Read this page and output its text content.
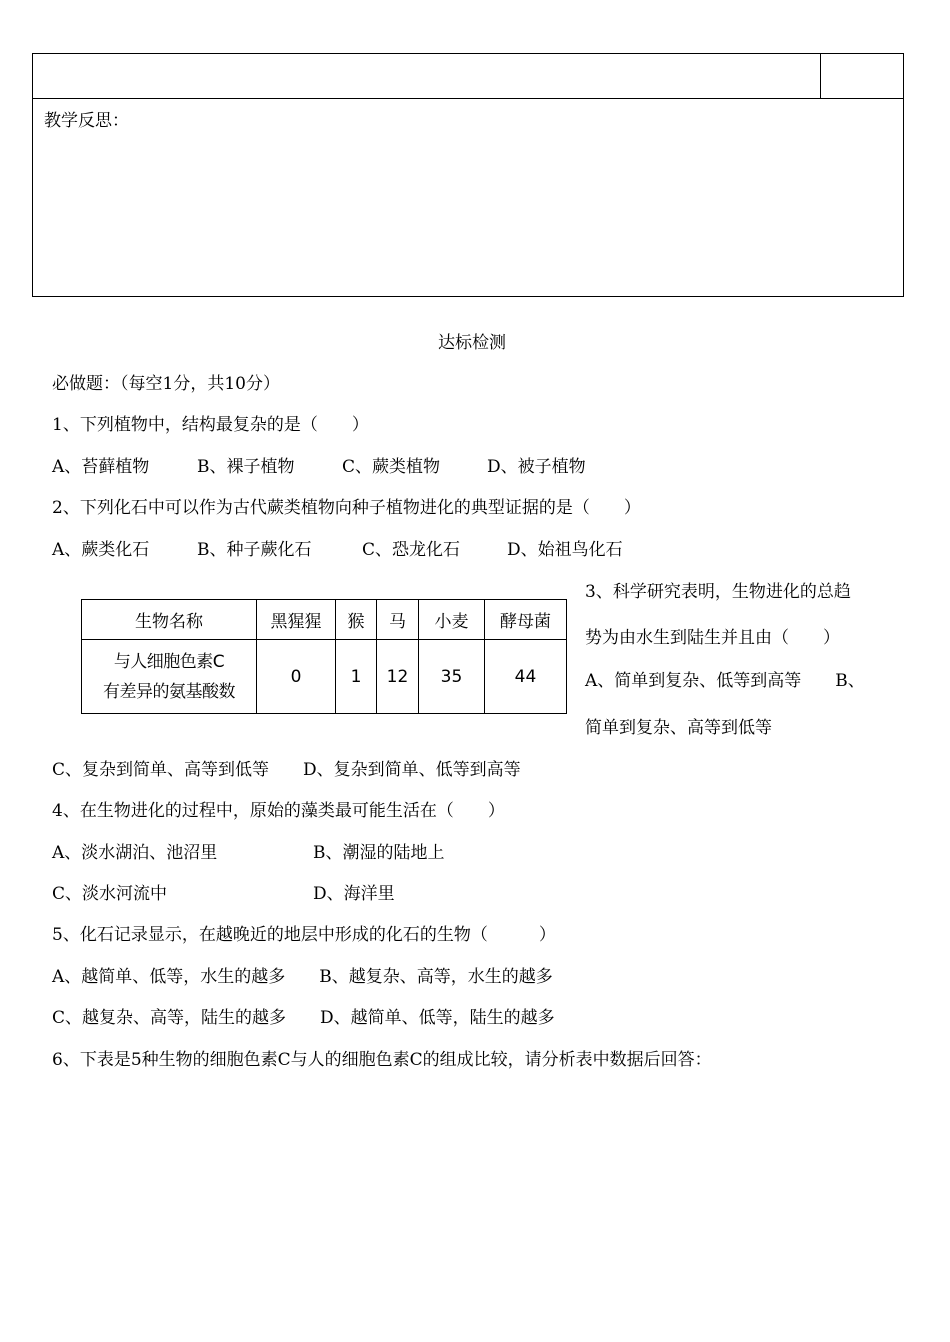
教学反思：
达标检测
必做题：（每空1分，共10分）
1、下列植物中，结构最复杂的是（　　）
A、苔藓植物	B、裸子植物	C、蕨类植物	D、被子植物
2、下列化石中可以作为古代蕨类植物向种子植物进化的典型证据的是（　　）
A、蕨类化石	B、种子蕨化石	C、恐龙化石	D、始祖鸟化石
生物名称	黑猩猩	猴	马	小麦	酵母菌

与人细胞色素C
有差异的氨基酸数	0	1	12	35	44
3、科学研究表明，生物进化的总趋
势为由水生到陆生并且由（　　）
A、简单到复杂、低等到高等　　B、
简单到复杂、高等到低等
C、复杂到简单、高等到低等　　D、复杂到简单、低等到高等
4、在生物进化的过程中，原始的藻类最可能生活在（　　）
A、淡水湖泊、池沼里	B、潮湿的陆地上
C、淡水河流中	D、海洋里
5、化石记录显示，在越晚近的地层中形成的化石的生物（　　　）
A、越简单、低等，水生的越多　　B、越复杂、高等，水生的越多
C、越复杂、高等，陆生的越多　　D、越简单、低等，陆生的越多
6、下表是5种生物的细胞色素C与人的细胞色素C的组成比较，请分析表中数据后回答：
